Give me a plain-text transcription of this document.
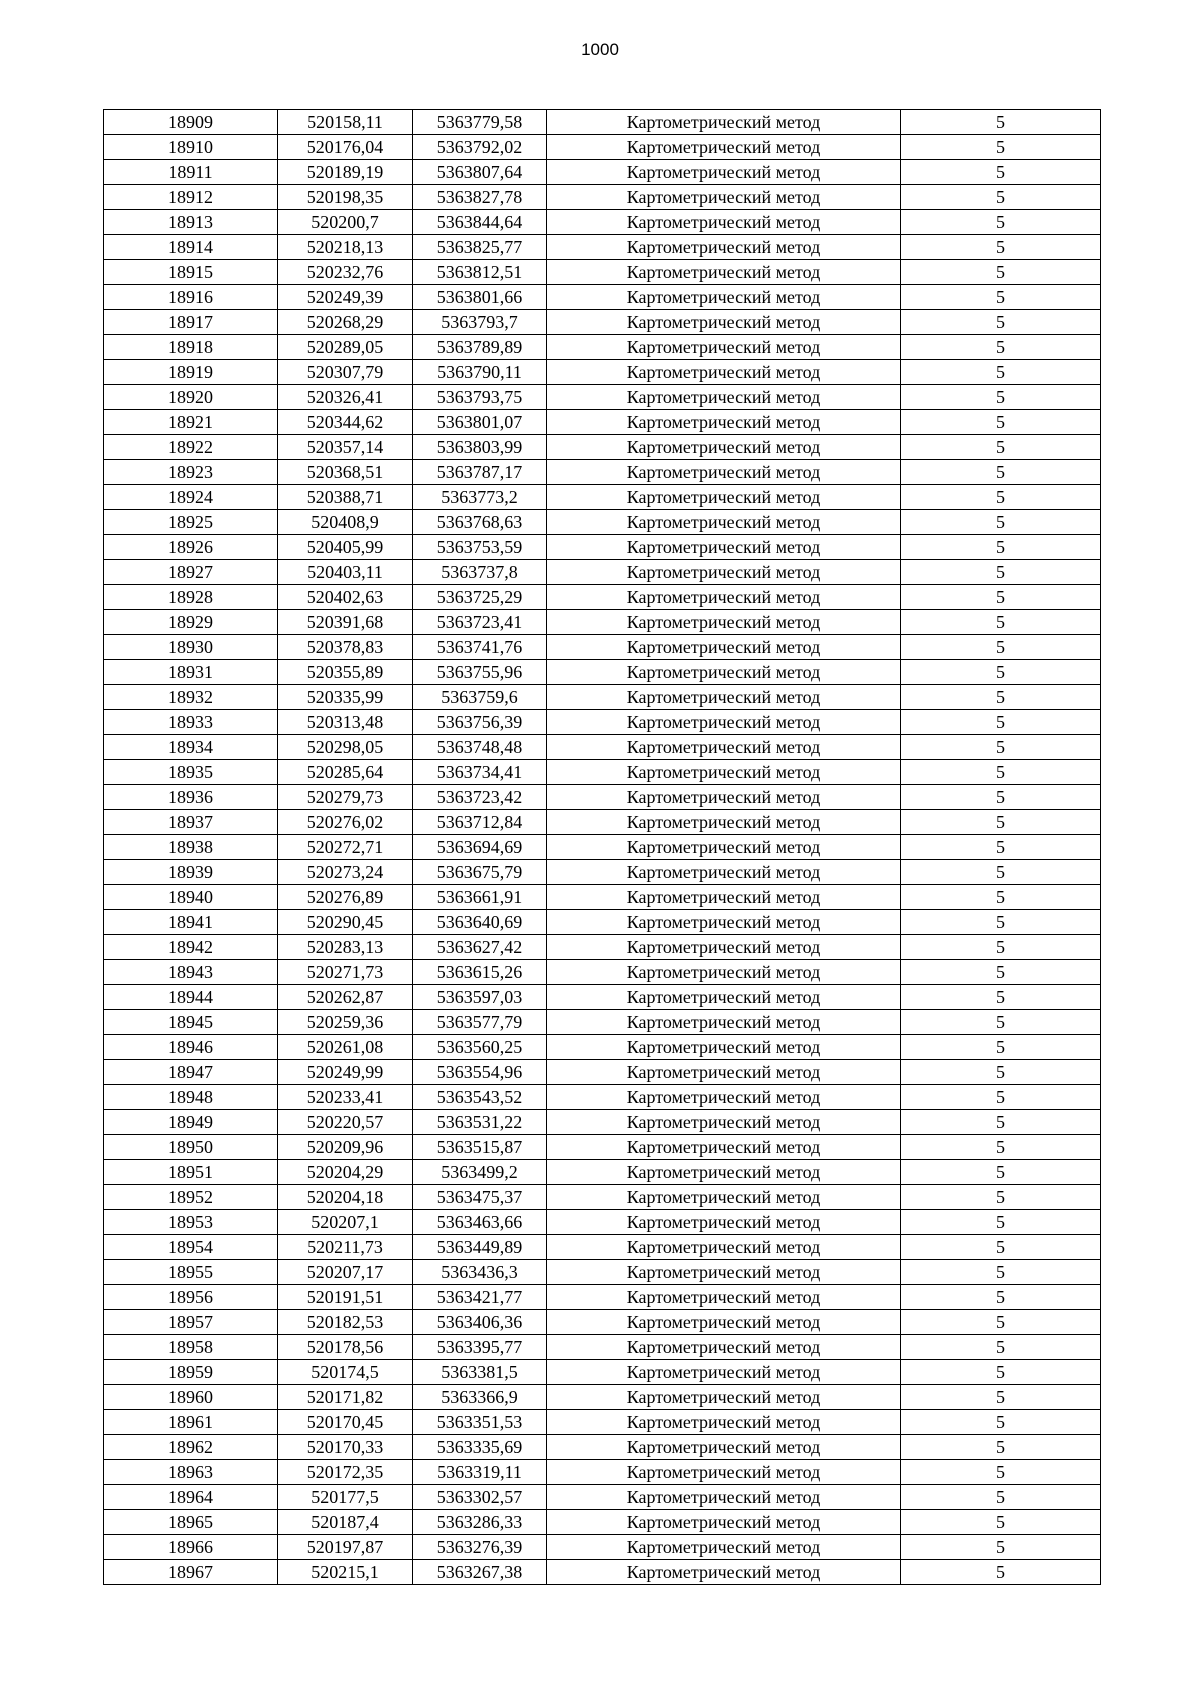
1000
18909	520158,11	5363779,58	Картометрический метод	5
18910	520176,04	5363792,02	Картометрический метод	5
18911	520189,19	5363807,64	Картометрический метод	5
18912	520198,35	5363827,78	Картометрический метод	5
18913	520200,7	5363844,64	Картометрический метод	5
18914	520218,13	5363825,77	Картометрический метод	5
18915	520232,76	5363812,51	Картометрический метод	5
18916	520249,39	5363801,66	Картометрический метод	5
18917	520268,29	5363793,7	Картометрический метод	5
18918	520289,05	5363789,89	Картометрический метод	5
18919	520307,79	5363790,11	Картометрический метод	5
18920	520326,41	5363793,75	Картометрический метод	5
18921	520344,62	5363801,07	Картометрический метод	5
18922	520357,14	5363803,99	Картометрический метод	5
18923	520368,51	5363787,17	Картометрический метод	5
18924	520388,71	5363773,2	Картометрический метод	5
18925	520408,9	5363768,63	Картометрический метод	5
18926	520405,99	5363753,59	Картометрический метод	5
18927	520403,11	5363737,8	Картометрический метод	5
18928	520402,63	5363725,29	Картометрический метод	5
18929	520391,68	5363723,41	Картометрический метод	5
18930	520378,83	5363741,76	Картометрический метод	5
18931	520355,89	5363755,96	Картометрический метод	5
18932	520335,99	5363759,6	Картометрический метод	5
18933	520313,48	5363756,39	Картометрический метод	5
18934	520298,05	5363748,48	Картометрический метод	5
18935	520285,64	5363734,41	Картометрический метод	5
18936	520279,73	5363723,42	Картометрический метод	5
18937	520276,02	5363712,84	Картометрический метод	5
18938	520272,71	5363694,69	Картометрический метод	5
18939	520273,24	5363675,79	Картометрический метод	5
18940	520276,89	5363661,91	Картометрический метод	5
18941	520290,45	5363640,69	Картометрический метод	5
18942	520283,13	5363627,42	Картометрический метод	5
18943	520271,73	5363615,26	Картометрический метод	5
18944	520262,87	5363597,03	Картометрический метод	5
18945	520259,36	5363577,79	Картометрический метод	5
18946	520261,08	5363560,25	Картометрический метод	5
18947	520249,99	5363554,96	Картометрический метод	5
18948	520233,41	5363543,52	Картометрический метод	5
18949	520220,57	5363531,22	Картометрический метод	5
18950	520209,96	5363515,87	Картометрический метод	5
18951	520204,29	5363499,2	Картометрический метод	5
18952	520204,18	5363475,37	Картометрический метод	5
18953	520207,1	5363463,66	Картометрический метод	5
18954	520211,73	5363449,89	Картометрический метод	5
18955	520207,17	5363436,3	Картометрический метод	5
18956	520191,51	5363421,77	Картометрический метод	5
18957	520182,53	5363406,36	Картометрический метод	5
18958	520178,56	5363395,77	Картометрический метод	5
18959	520174,5	5363381,5	Картометрический метод	5
18960	520171,82	5363366,9	Картометрический метод	5
18961	520170,45	5363351,53	Картометрический метод	5
18962	520170,33	5363335,69	Картометрический метод	5
18963	520172,35	5363319,11	Картометрический метод	5
18964	520177,5	5363302,57	Картометрический метод	5
18965	520187,4	5363286,33	Картометрический метод	5
18966	520197,87	5363276,39	Картометрический метод	5
18967	520215,1	5363267,38	Картометрический метод	5
